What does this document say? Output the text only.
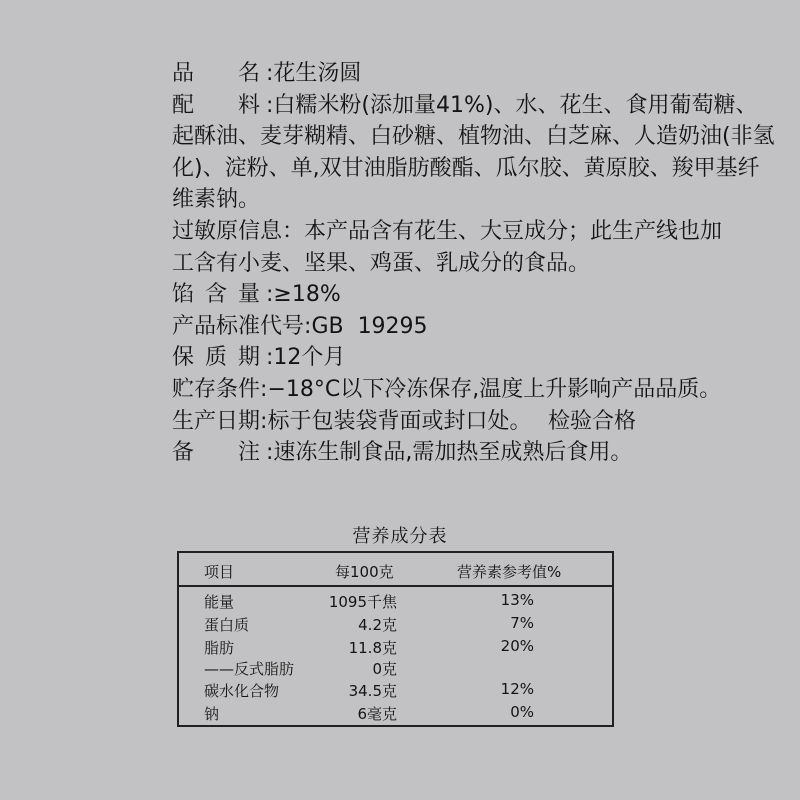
品 名 : 花生汤圆
配 料 : 白糯米粉(添加量41%)、水、花生、食用葡萄糖、
起酥油、麦芽糊精、白砂糖、植物油、白芝麻、人造奶油(非氢
化)、淀粉、单,双甘油脂肪酸酯、瓜尔胶、黄原胶、羧甲基纤
维素钠。
过敏原信息：本产品含有花生、大豆成分；此生产线也加
工含有小麦、坚果、鸡蛋、乳成分的食品。
馅 含 量 : ≥18%
产品标准代号 : GB  19295
保 质 期 : 12个月
贮存条件 : −18°C以下冷冻保存,温度上升影响产品品质。
生产日期 : 标于包装袋背面或封口处。 检验合格
备 注 : 速冻生制食品,需加热至成熟后食用。
营养成分表
项目	每100克	营养素参考值%
能量	1095千焦	13%
蛋白质	4.2克	7%
脂肪	11.8克	20%
——反式脂肪	0克
碳水化合物	34.5克	12%
钠	6毫克	0%
